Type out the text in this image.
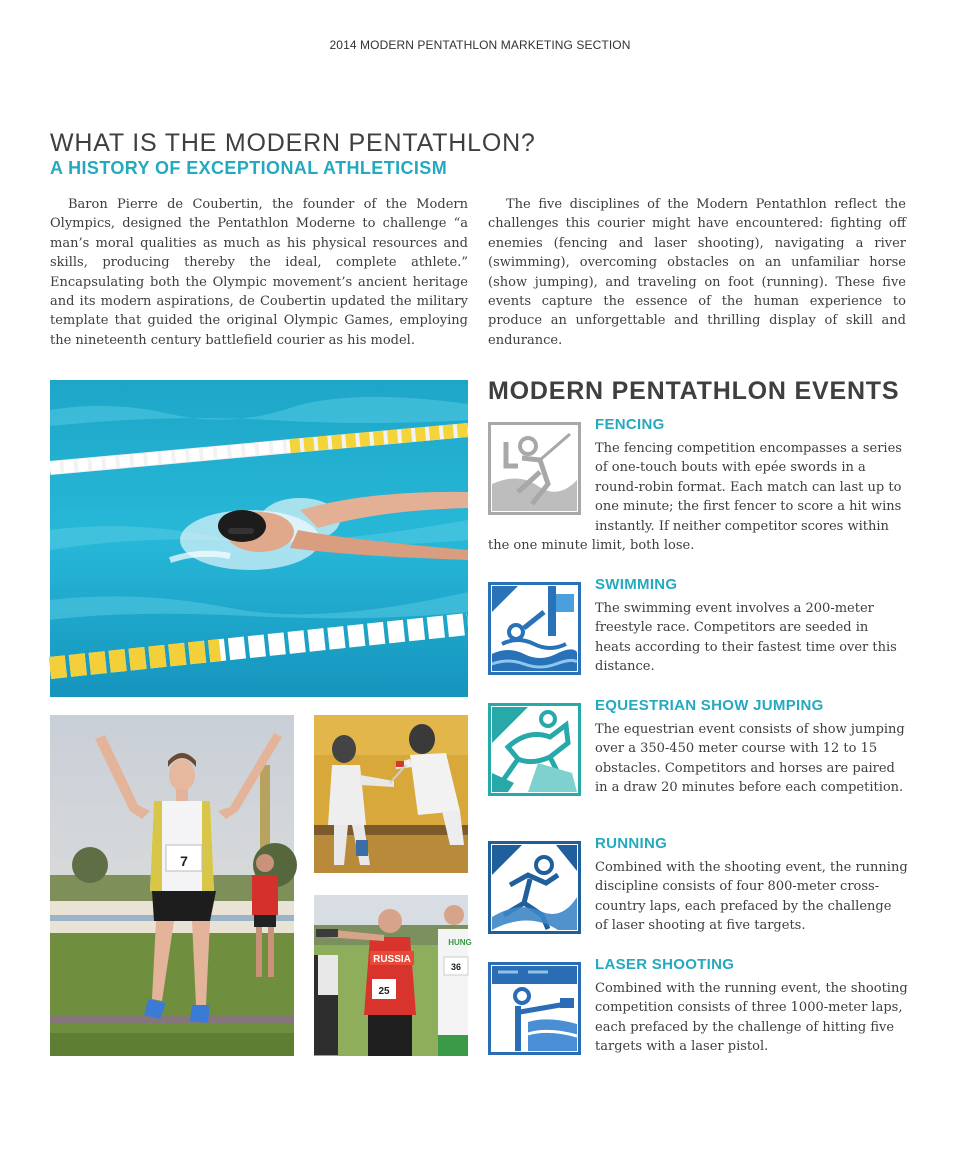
2014 MODERN PENTATHLON MARKETING SECTION
WHAT IS THE MODERN PENTATHLON?
A HISTORY OF EXCEPTIONAL ATHLETICISM

Baron Pierre de Coubertin, the founder of the Modern Olympics, designed the Pentathlon Moderne to challenge “a man’s moral qualities as much as his physical resources and skills, producing thereby the ideal, complete athlete.” Encapsulating both the Olympic movement’s ancient heritage and its modern aspirations, de Coubertin updated the military template that guided the original Olympic Games, employing the nineteenth century battlefield courier as his model.

The five disciplines of the Modern Pentathlon reflect the challenges this courier might have encountered: fighting off enemies (fencing and laser shooting), navigating a river (swimming), overcoming obstacles on an unfamiliar horse (show jumping), and traveling on foot (running). These five events capture the essence of the human experience to produce an unforgettable and thrilling display of skill and endurance.

7
RUSSIA
25
HUNG
36
MODERN PENTATHLON EVENTS
FENCING
The fencing competition encompasses a series of one-touch bouts with epée swords in a round-robin format. Each match can last up to one minute; the first fencer to score a hit wins instantly. If neither competitor scores within the one minute limit, both lose.
SWIMMING
The swimming event involves a 200-meter freestyle race. Competitors are seeded in heats according to their fastest time over this distance.
EQUESTRIAN SHOW JUMPING
The equestrian event consists of show jumping over a 350-450 meter course with 12 to 15 obstacles. Competitors and horses are paired in a draw 20 minutes before each competition.
RUNNING
Combined with the shooting event, the running discipline consists of four 800-meter cross-country laps, each prefaced by the challenge of laser shooting at five targets.
LASER SHOOTING
Combined with the running event, the shooting competition consists of three 1000-meter laps, each prefaced by the challenge of hitting five targets with a laser pistol.
